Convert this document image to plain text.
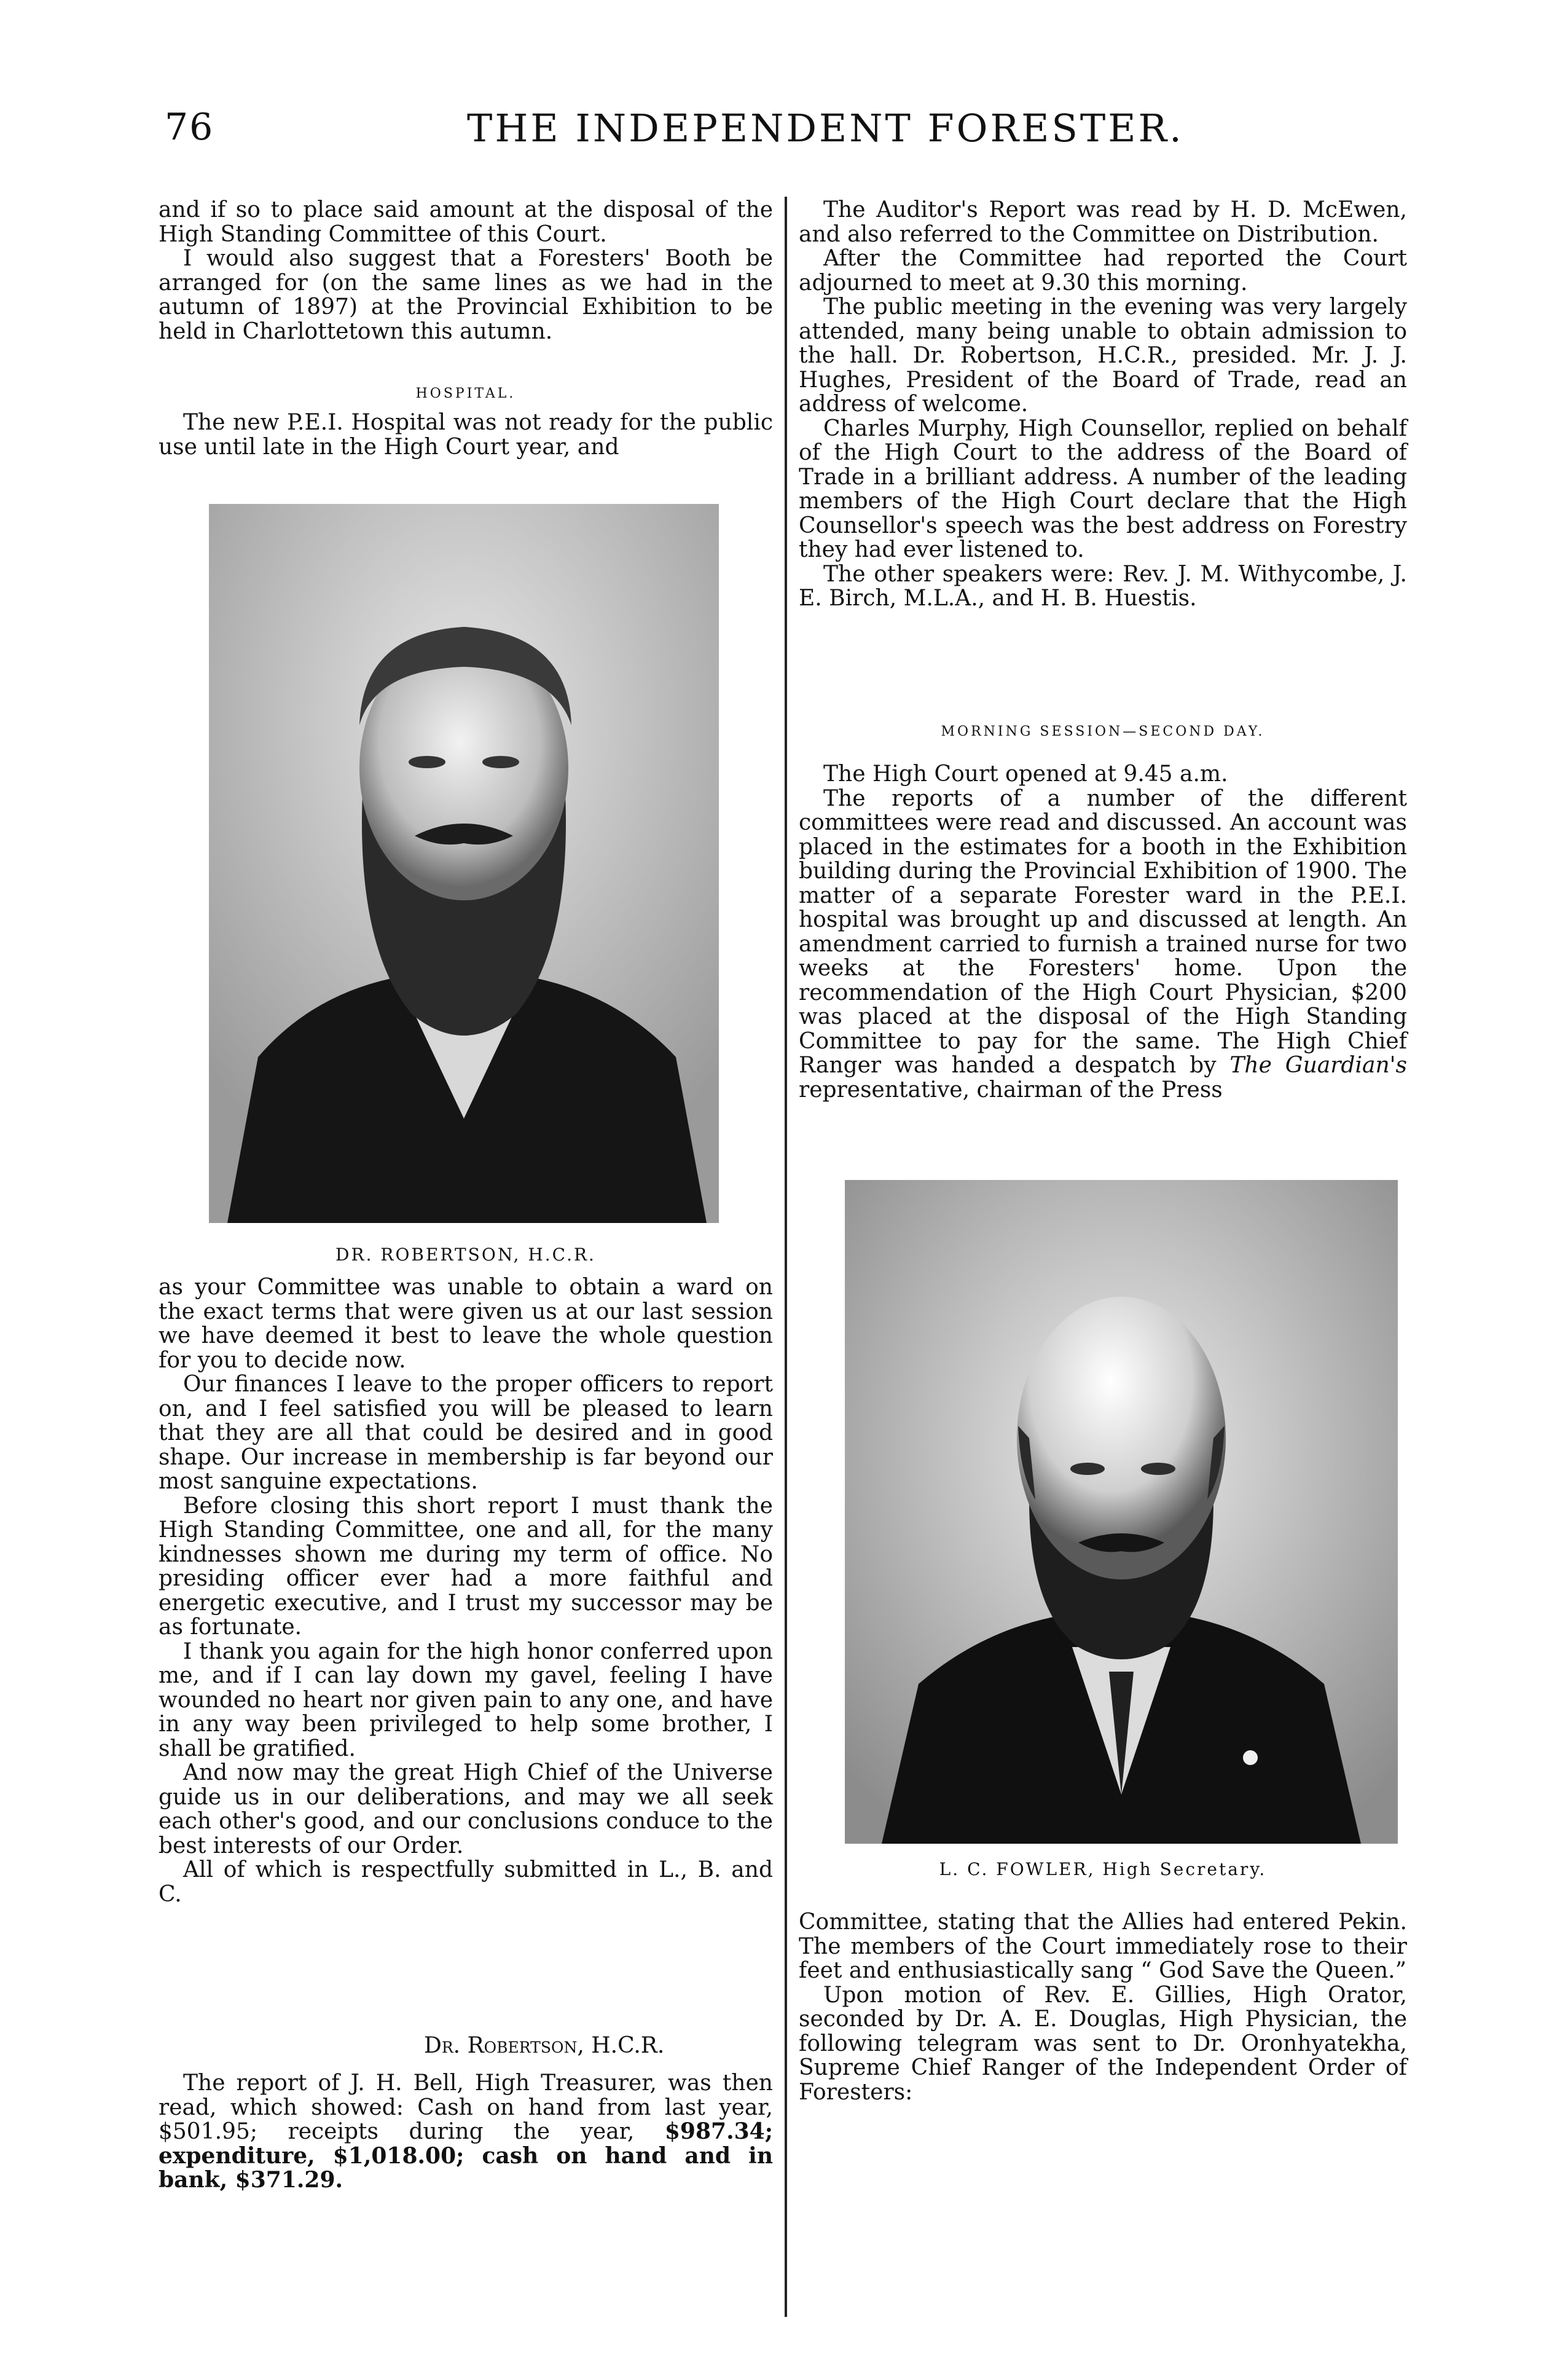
76	THE INDEPENDENT FORESTER.

and if so to place said amount at the disposal of the High Standing Committee of this Court.

I would also suggest that a Foresters' Booth be arranged for (on the same lines as we had in the autumn of 1897) at the Provincial Exhibition to be held in Charlottetown this autumn.

HOSPITAL.

The new P.E.I. Hospital was not ready for the public use until late in the High Court year, and

DR. ROBERTSON, H.C.R.

as your Committee was unable to obtain a ward on the exact terms that were given us at our last session we have deemed it best to leave the whole question for you to decide now.

Our finances I leave to the proper officers to report on, and I feel satisfied you will be pleased to learn that they are all that could be desired and in good shape. Our increase in membership is far beyond our most sanguine expectations.

Before closing this short report I must thank the High Standing Committee, one and all, for the many kindnesses shown me during my term of office. No presiding officer ever had a more faithful and energetic executive, and I trust my successor may be as fortunate.

I thank you again for the high honor conferred upon me, and if I can lay down my gavel, feeling I have wounded no heart nor given pain to any one, and have in any way been privileged to help some brother, I shall be gratified.

And now may the great High Chief of the Universe guide us in our deliberations, and may we all seek each other's good, and our conclusions conduce to the best interests of our Order.

All of which is respectfully submitted in L., B. and C.

Dr. Robertson, H.C.R.

The report of J. H. Bell, High Treasurer, was then read, which showed: Cash on hand from last year, $501.95; receipts during the year, $987.34; expenditure, $1,018.00; cash on hand and in bank, $371.29.

The Auditor's Report was read by H. D. McEwen, and also referred to the Committee on Distribution.

After the Committee had reported the Court adjourned to meet at 9.30 this morning.

The public meeting in the evening was very largely attended, many being unable to obtain admission to the hall. Dr. Robertson, H.C.R., presided. Mr. J. J. Hughes, President of the Board of Trade, read an address of welcome.

Charles Murphy, High Counsellor, replied on behalf of the High Court to the address of the Board of Trade in a brilliant address. A number of the leading members of the High Court declare that the High Counsellor's speech was the best address on Forestry they had ever listened to.

The other speakers were: Rev. J. M. Withycombe, J. E. Birch, M.L.A., and H. B. Huestis.

MORNING SESSION—SECOND DAY.

The High Court opened at 9.45 a.m.

The reports of a number of the different committees were read and discussed. An account was placed in the estimates for a booth in the Exhibition building during the Provincial Exhibition of 1900. The matter of a separate Forester ward in the P.E.I. hospital was brought up and discussed at length. An amendment carried to furnish a trained nurse for two weeks at the Foresters' home. Upon the recommendation of the High Court Physician, $200 was placed at the disposal of the High Standing Committee to pay for the same. The High Chief Ranger was handed a despatch by The Guardian's representative, chairman of the Press

L. C. FOWLER, High Secretary.

Committee, stating that the Allies had entered Pekin. The members of the Court immediately rose to their feet and enthusiastically sang “ God Save the Queen.”

Upon motion of Rev. E. Gillies, High Orator, seconded by Dr. A. E. Douglas, High Physician, the following telegram was sent to Dr. Oronhyatekha, Supreme Chief Ranger of the Independent Order of Foresters:
